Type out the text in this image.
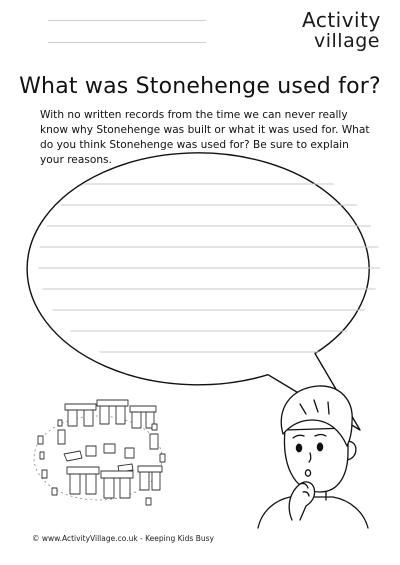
Activity
village
What was Stonehenge used for?

With no written records from the time we can never really know why Stonehenge was built or what it was used for. What do you think Stonehenge was used for? Be sure to explain your reasons.

© www.ActivityVillage.co.uk - Keeping Kids Busy
